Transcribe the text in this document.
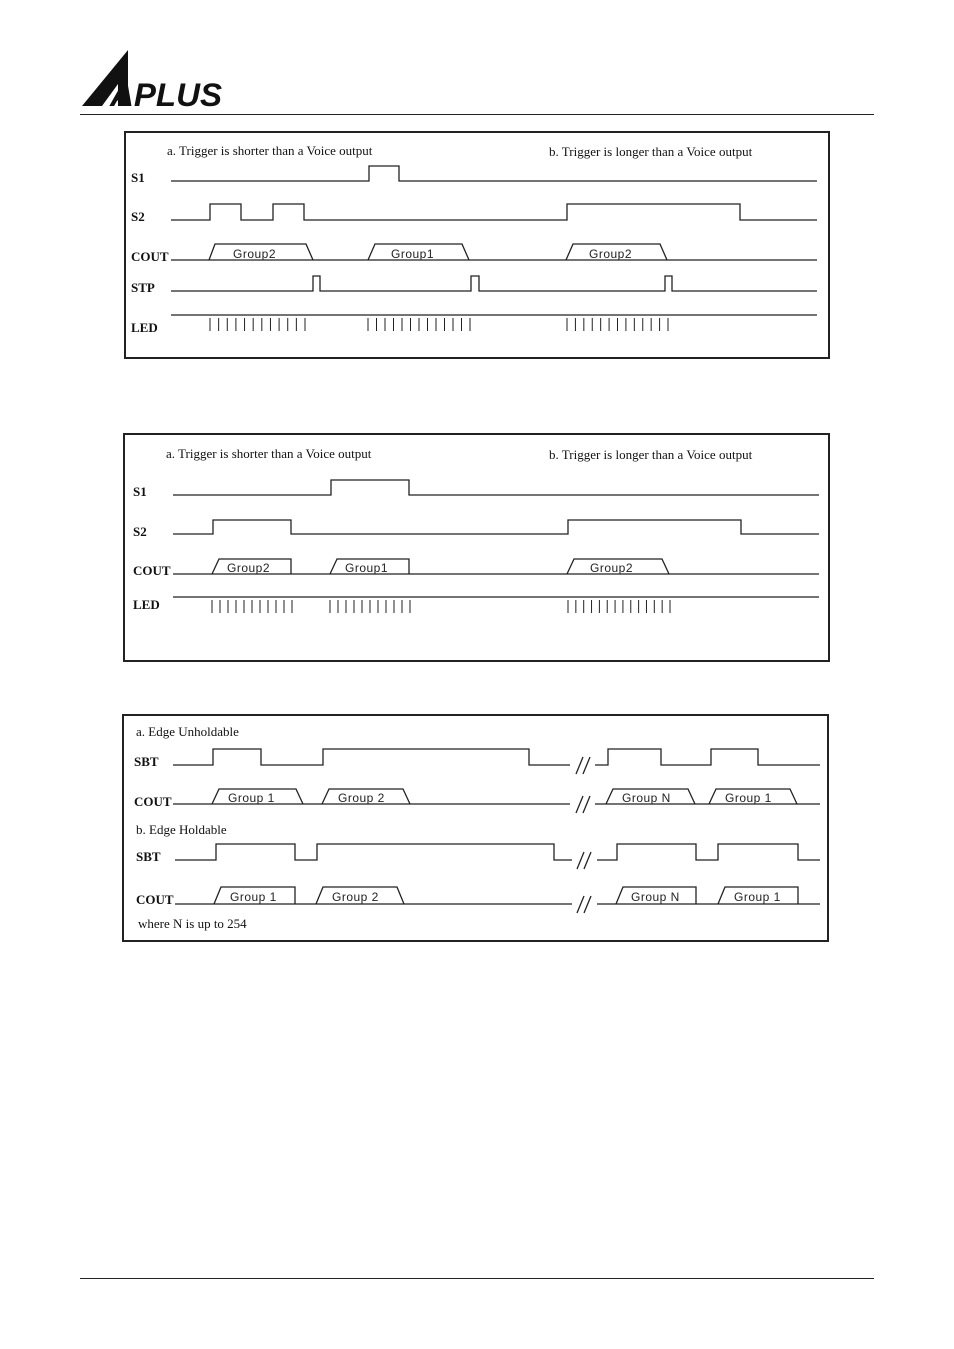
APLUS
a. Trigger is shorter than a Voice output	b. Trigger is longer than a Voice output
S1
S2
COUT
STP
LED
Group2	Group1	Group2
a. Trigger is shorter than a Voice output	b. Trigger is longer than a Voice output
S1
S2
COUT
LED
Group2	Group1	Group2
a. Edge Unholdable
b. Edge Holdable
SBT
COUT
SBT
COUT
Group 1	Group 2	Group N	Group 1
Group 1	Group 2	Group N	Group 1
where N is up to 254
